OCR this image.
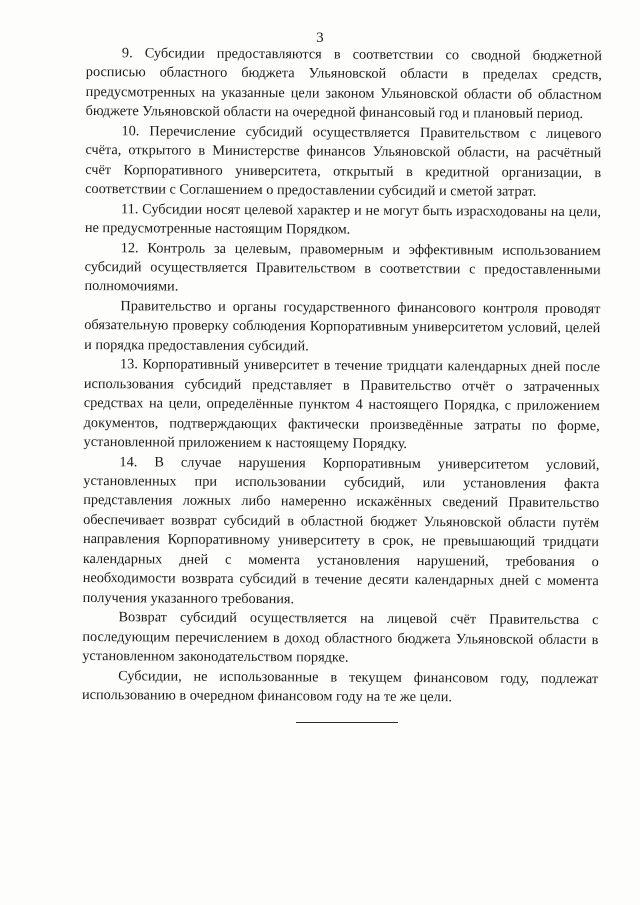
3

9. Субсидии предоставляются в соответствии со сводной бюджетной росписью областного бюджета Ульяновской области в пределах средств, предусмотренных на указанные цели законом Ульяновской области об областном бюджете Ульяновской области на очередной финансовый год и плановый период.

10. Перечисление субсидий осуществляется Правительством с лицевого счёта, открытого в Министерстве финансов Ульяновской области, на расчётный счёт Корпоративного университета, открытый в кредитной организации, в соответствии с Соглашением о предоставлении субсидий и сметой затрат.

11. Субсидии носят целевой характер и не могут быть израсходованы на цели, не предусмотренные настоящим Порядком.

12. Контроль за целевым, правомерным и эффективным использованием субсидий осуществляется Правительством в соответствии с предоставленными полномочиями.

Правительство и органы государственного финансового контроля проводят обязательную проверку соблюдения Корпоративным университетом условий, целей и порядка предоставления субсидий.

13. Корпоративный университет в течение тридцати календарных дней после использования субсидий представляет в Правительство отчёт о затраченных средствах на цели, определённые пунктом 4 настоящего Порядка, с приложением документов, подтверждающих фактически произведённые затраты по форме, установленной приложением к настоящему Порядку.

14. В случае нарушения Корпоративным университетом условий, установленных при использовании субсидий, или установления факта представления ложных либо намеренно искажённых сведений Правительство обеспечивает возврат субсидий в областной бюджет Ульяновской области путём направления Корпоративному университету в срок, не превышающий тридцати календарных дней с момента установления нарушений, требования о необходимости возврата субсидий в течение десяти календарных дней с момента получения указанного требования.

Возврат субсидий осуществляется на лицевой счёт Правительства с последующим перечислением в доход областного бюджета Ульяновской области в установленном законодательством порядке.

Субсидии, не использованные в текущем финансовом году, подлежат использованию в очередном финансовом году на те же цели.
